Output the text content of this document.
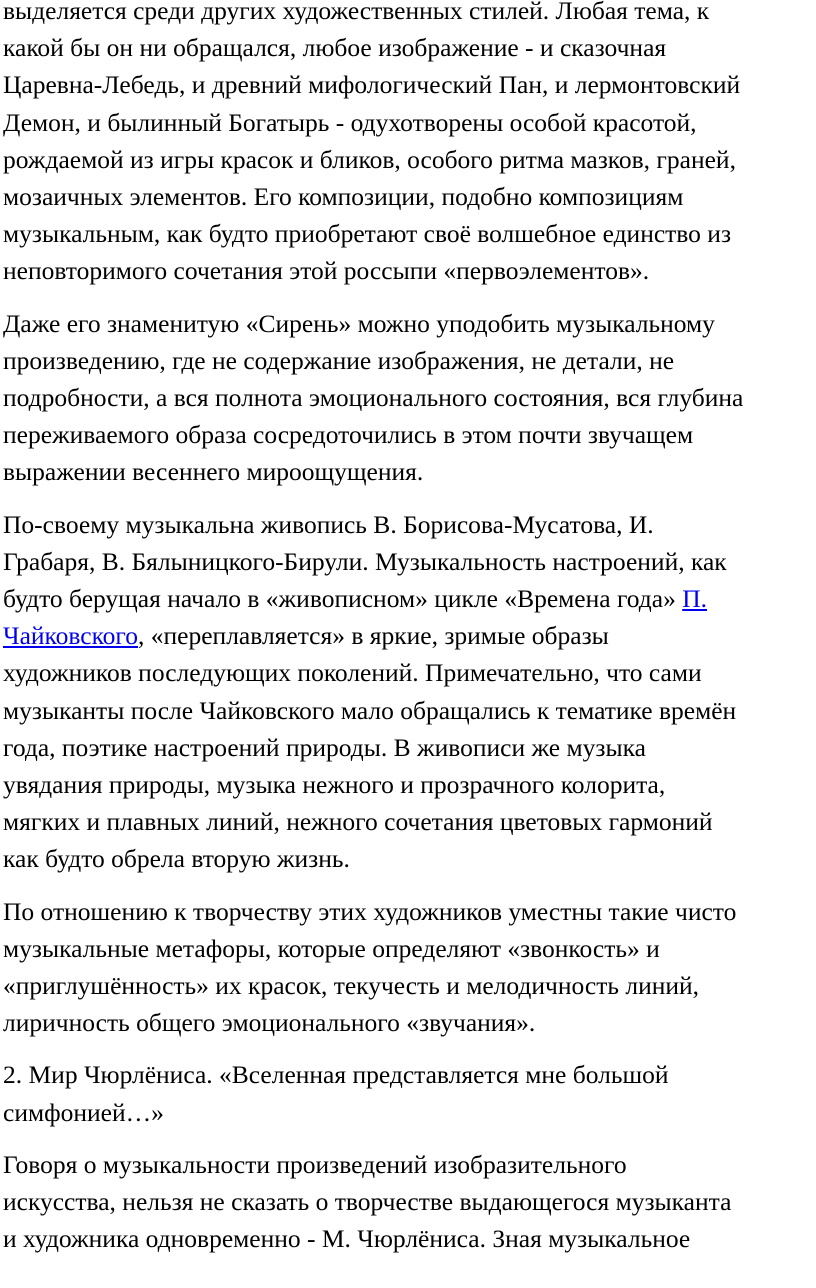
выделяется среди других художественных стилей. Любая тема, к
какой бы он ни обращался, любое изображение - и сказочная
Царевна-Лебедь, и древний мифологический Пан, и лермонтовский
Демон, и былинный Богатырь - одухотворены особой красотой,
рождаемой из игры красок и бликов, особого ритма мазков, граней,
мозаичных элементов. Его композиции, подобно композициям
музыкальным, как будто приобретают своё волшебное единство из
неповторимого сочетания этой россыпи «первоэлементов».

Даже его знаменитую «Сирень» можно уподобить музыкальному
произведению, где не содержание изображения, не детали, не
подробности, а вся полнота эмоционального состояния, вся глубина
переживаемого образа сосредоточились в этом почти звучащем
выражении весеннего мироощущения.

По-своему музыкальна живопись В. Борисова-Мусатова, И.
Грабаря, В. Бялыницкого-Бирули. Музыкальность настроений, как
будто берущая начало в «живописном» цикле «Времена года» П.
Чайковского, «переплавляется» в яркие, зримые образы
художников последующих поколений. Примечательно, что сами
музыканты после Чайковского мало обращались к тематике времён
года, поэтике настроений природы. В живописи же музыка
увядания природы, музыка нежного и прозрачного колорита,
мягких и плавных линий, нежного сочетания цветовых гармоний
как будто обрела вторую жизнь.

По отношению к творчеству этих художников уместны такие чисто
музыкальные метафоры, которые определяют «звонкость» и
«приглушённость» их красок, текучесть и мелодичность линий,
лиричность общего эмоционального «звучания».

2. Мир Чюрлёниса. «Вселенная представляется мне большой
симфонией…»

Говоря о музыкальности произведений изобразительного
искусства, нельзя не сказать о творчестве выдающегося музыканта
и художника одновременно - М. Чюрлёниса. Зная музыкальное
